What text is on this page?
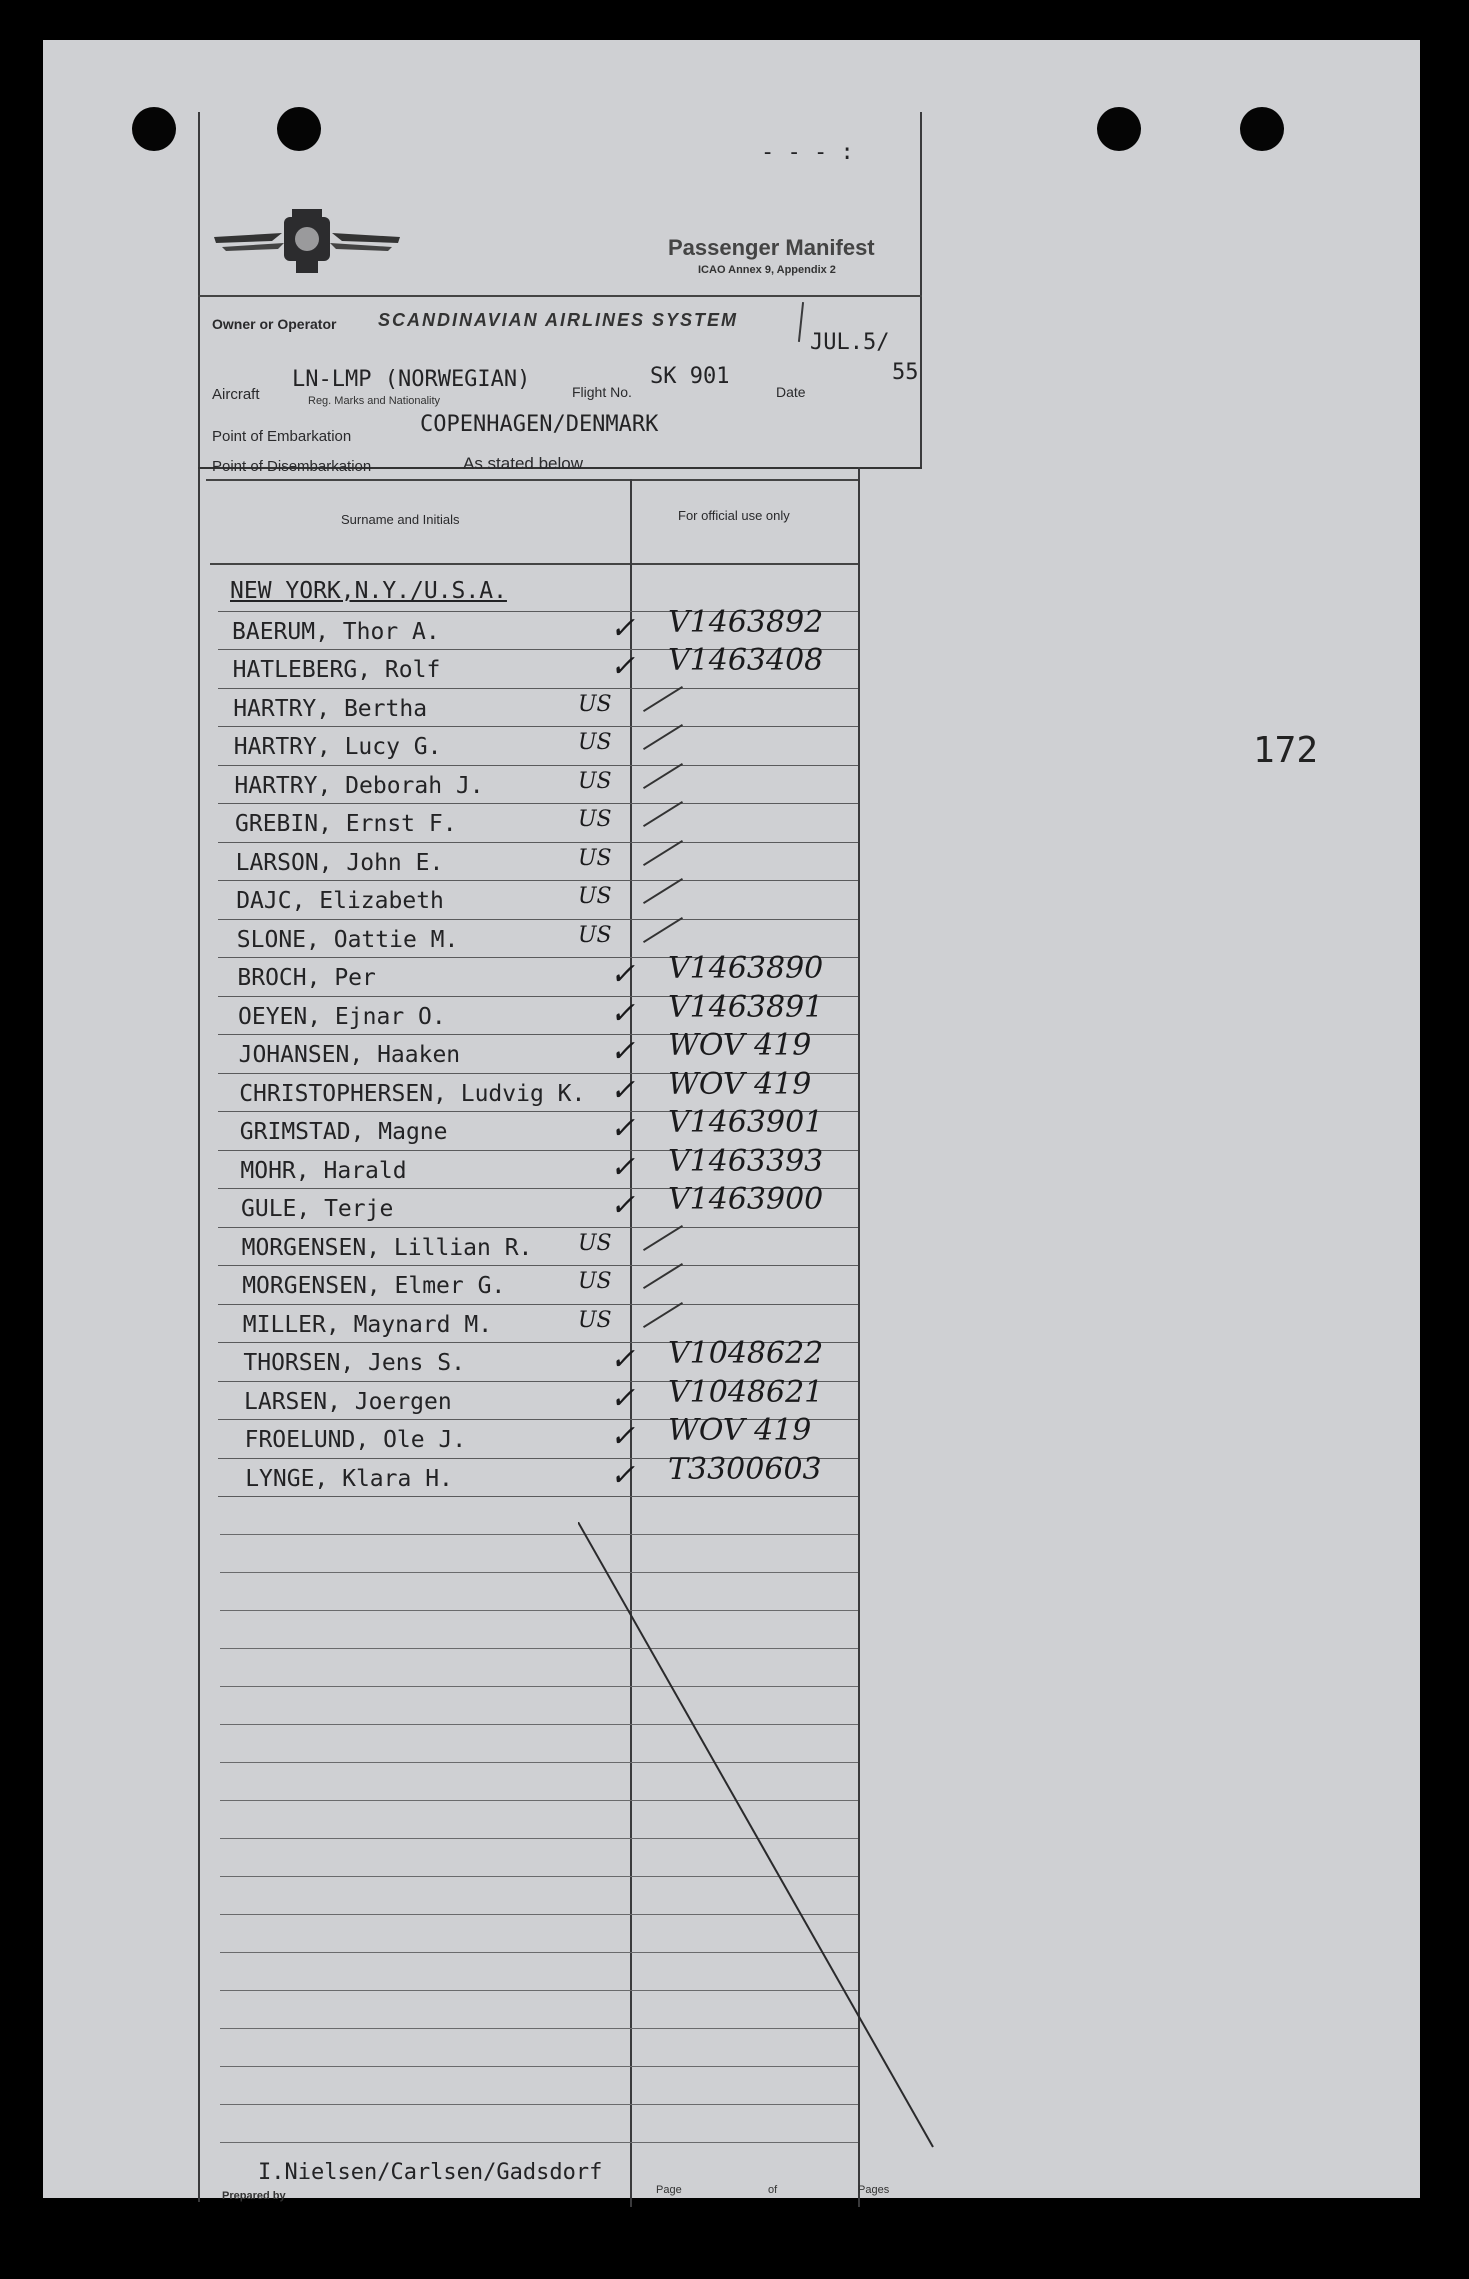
- - - :
172
Passenger Manifest
ICAO Annex 9, Appendix 2
Owner or Operator SCANDINAVIAN AIRLINES SYSTEM
JUL.5/
Aircraft
LN-LMP (NORWEGIAN)
Reg. Marks and Nationality
Flight No.
SK 901
Date
55
Point of Embarkation	COPENHAGEN/DENMARK
Point of Disembarkation	As stated below
Surname and Initials	For official use only
NEW YORK,N.Y./U.S.A.
BAERUM, Thor A.	✓ V1463892
HATLEBERG, Rolf	✓ V1463408
HARTRY, Bertha	US
HARTRY, Lucy G.	US
HARTRY, Deborah J.	US
GREBIN, Ernst F.	US
LARSON, John E.	US
DAJC, Elizabeth	US
SLONE, Oattie M.	US
BROCH, Per	✓ V1463890
OEYEN, Ejnar O.	✓ V1463891
JOHANSEN, Haaken	✓ WOV 419
CHRISTOPHERSEN, Ludvig K. ✓ WOV 419
GRIMSTAD, Magne	✓ V1463901
MOHR, Harald	✓ V1463393
GULE, Terje	✓ V1463900
MORGENSEN, Lillian R. US
MORGENSEN, Elmer G.	US
MILLER, Maynard M.	US
THORSEN, Jens S.	✓ V1048622
LARSEN, Joergen	✓ V1048621
FROELUND, Ole J.	✓ WOV 419
LYNGE, Klara H.	✓ T3300603
I.Nielsen/Carlsen/Gadsdorf
Prepared by	Page	of	Pages
